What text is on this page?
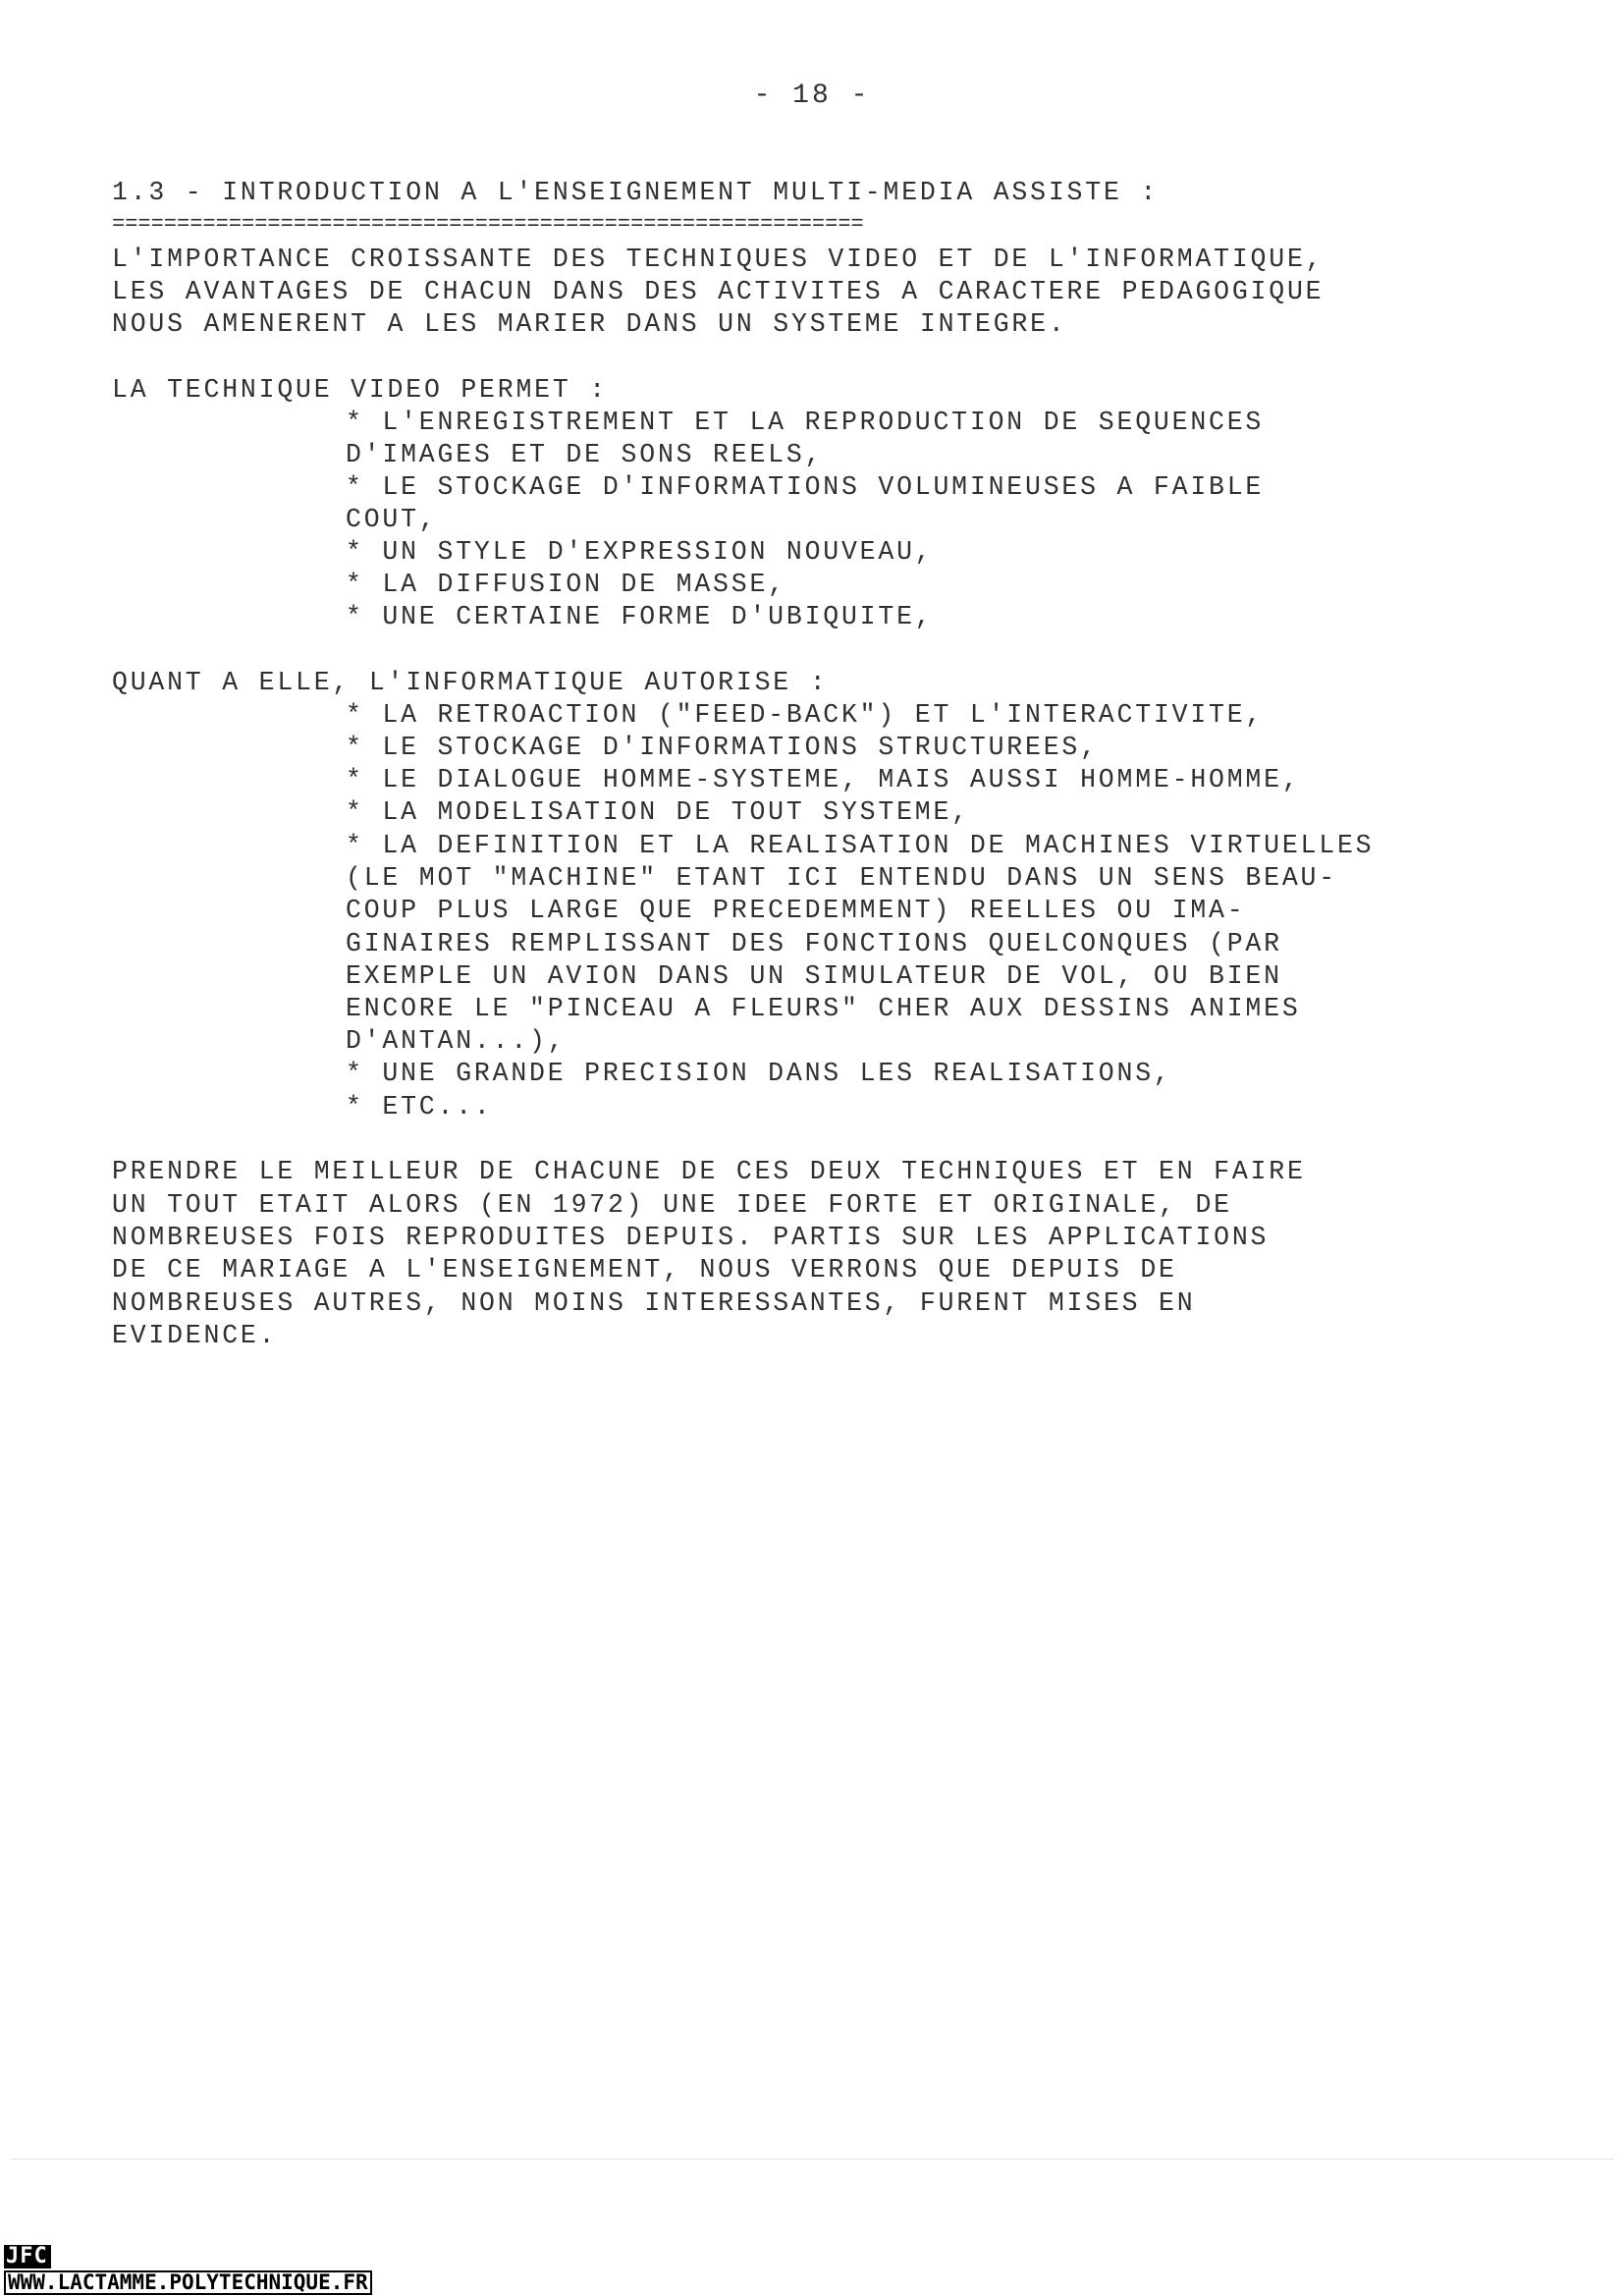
- 18 -
1.3 - INTRODUCTION A L'ENSEIGNEMENT MULTI-MEDIA ASSISTE :
==========================================================
L'IMPORTANCE CROISSANTE DES TECHNIQUES VIDEO ET DE L'INFORMATIQUE,
LES AVANTAGES DE CHACUN DANS DES ACTIVITES A CARACTERE PEDAGOGIQUE
NOUS AMENERENT A LES MARIER DANS UN SYSTEME INTEGRE.
LA TECHNIQUE VIDEO PERMET :
* L'ENREGISTREMENT ET LA REPRODUCTION DE SEQUENCES
D'IMAGES ET DE SONS REELS,
* LE STOCKAGE D'INFORMATIONS VOLUMINEUSES A FAIBLE
COUT,
* UN STYLE D'EXPRESSION NOUVEAU,
* LA DIFFUSION DE MASSE,
* UNE CERTAINE FORME D'UBIQUITE,
QUANT A ELLE, L'INFORMATIQUE AUTORISE :
* LA RETROACTION ("FEED-BACK") ET L'INTERACTIVITE,
* LE STOCKAGE D'INFORMATIONS STRUCTUREES,
* LE DIALOGUE HOMME-SYSTEME, MAIS AUSSI HOMME-HOMME,
* LA MODELISATION DE TOUT SYSTEME,
* LA DEFINITION ET LA REALISATION DE MACHINES VIRTUELLES
(LE MOT "MACHINE" ETANT ICI ENTENDU DANS UN SENS BEAU-
COUP PLUS LARGE QUE PRECEDEMMENT) REELLES OU IMA-
GINAIRES REMPLISSANT DES FONCTIONS QUELCONQUES (PAR
EXEMPLE UN AVION DANS UN SIMULATEUR DE VOL, OU BIEN
ENCORE LE "PINCEAU A FLEURS" CHER AUX DESSINS ANIMES
D'ANTAN...),
* UNE GRANDE PRECISION DANS LES REALISATIONS,
* ETC...
PRENDRE LE MEILLEUR DE CHACUNE DE CES DEUX TECHNIQUES ET EN FAIRE
UN TOUT ETAIT ALORS (EN 1972) UNE IDEE FORTE ET ORIGINALE, DE
NOMBREUSES FOIS REPRODUITES DEPUIS. PARTIS SUR LES APPLICATIONS
DE CE MARIAGE A L'ENSEIGNEMENT, NOUS VERRONS QUE DEPUIS DE
NOMBREUSES AUTRES, NON MOINS INTERESSANTES, FURENT MISES EN
EVIDENCE.
JFC
WWW.LACTAMME.POLYTECHNIQUE.FR
